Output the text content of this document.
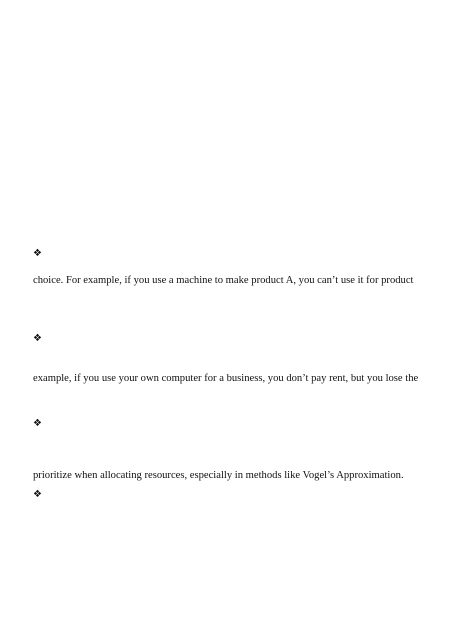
❖
choice. For example, if you use a machine to make product A, you can’t use it for product
❖
example, if you use your own computer for a business, you don’t pay rent, but you lose the
❖
prioritize when allocating resources, especially in methods like Vogel’s Approximation.
❖
